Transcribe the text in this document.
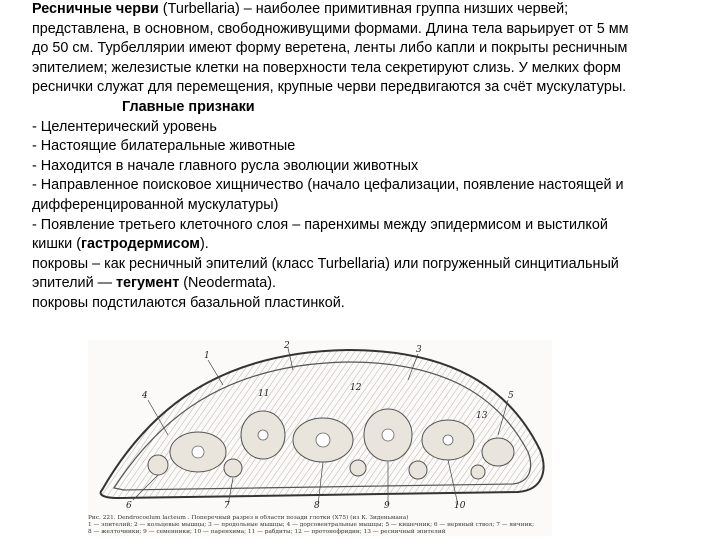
Ресничные черви (Turbellaria) – наиболее примитивная группа низших червей;
представлена, в основном, свободноживущими формами. Длина тела варьирует от 5 мм
до 50 см. Турбеллярии имеют форму веретена, ленты либо капли и покрыты ресничным
эпителием; железистые клетки на поверхности тела секретируют слизь. У мелких форм
реснички служат для перемещения, крупные черви передвигаются за счёт мускулатуры.
Главные признаки
- Целентерический уровень
- Настоящие билатеральные животные
- Находится в начале главного русла эволюции животных
- Направленное поисковое хищничество (начало цефализации, появление настоящей и
дифференцированной мускулатуры)
- Появление третьего клеточного слоя – паренхимы между эпидермисом и выстилкой
кишки (гастродермисом).
покровы – как ресничный эпителий (класс Turbellaria) или погруженный синцитиальный
эпителий — тегумент (Neodermata).
покровы подстилаются базальной пластинкой.
1
2	3
4	5
6	7	8	9	10
11
12
13
Рис. 221. Dendrocoelum lacteum . Поперечный разрез в области позади глотки (X75) (из К. Зиденьмана)
1 — эпителий; 2 — кольцевые мышцы; 3 — продольные мышцы; 4 — дорсовентральные мышцы; 5 — кишечник; 6 — нервный ствол; 7 — яичник;
8 — желточники; 9 — семенники; 10 — паренхима; 11 — рабдиты; 12 — протонефридии; 13 — ресничный эпителий
